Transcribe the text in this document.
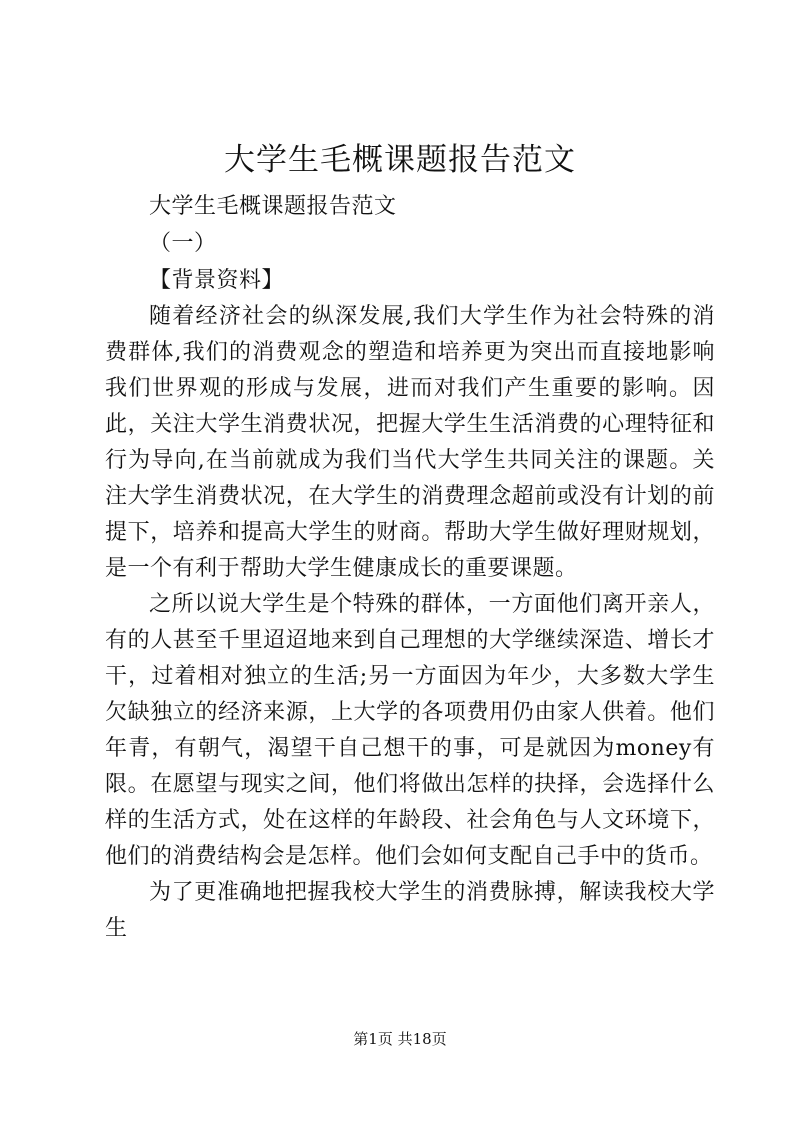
大学生毛概课题报告范文

大学生毛概课题报告范文

（一）

【背景资料】

随着经济社会的纵深发展,我们大学生作为社会特殊的消费群体,我们的消费观念的塑造和培养更为突出而直接地影响我们世界观的形成与发展，进而对我们产生重要的影响。因此，关注大学生消费状况，把握大学生生活消费的心理特征和行为导向,在当前就成为我们当代大学生共同关注的课题。关注大学生消费状况，在大学生的消费理念超前或没有计划的前提下，培养和提高大学生的财商。帮助大学生做好理财规划，是一个有利于帮助大学生健康成长的重要课题。

之所以说大学生是个特殊的群体，一方面他们离开亲人，有的人甚至千里迢迢地来到自己理想的大学继续深造、增长才干，过着相对独立的生活;另一方面因为年少，大多数大学生欠缺独立的经济来源，上大学的各项费用仍由家人供着。他们年青，有朝气，渴望干自己想干的事，可是就因为money有限。在愿望与现实之间，他们将做出怎样的抉择，会选择什么样的生活方式，处在这样的年龄段、社会角色与人文环境下，他们的消费结构会是怎样。他们会如何支配自己手中的货币。

为了更准确地把握我校大学生的消费脉搏，解读我校大学生

第1页 共18页
